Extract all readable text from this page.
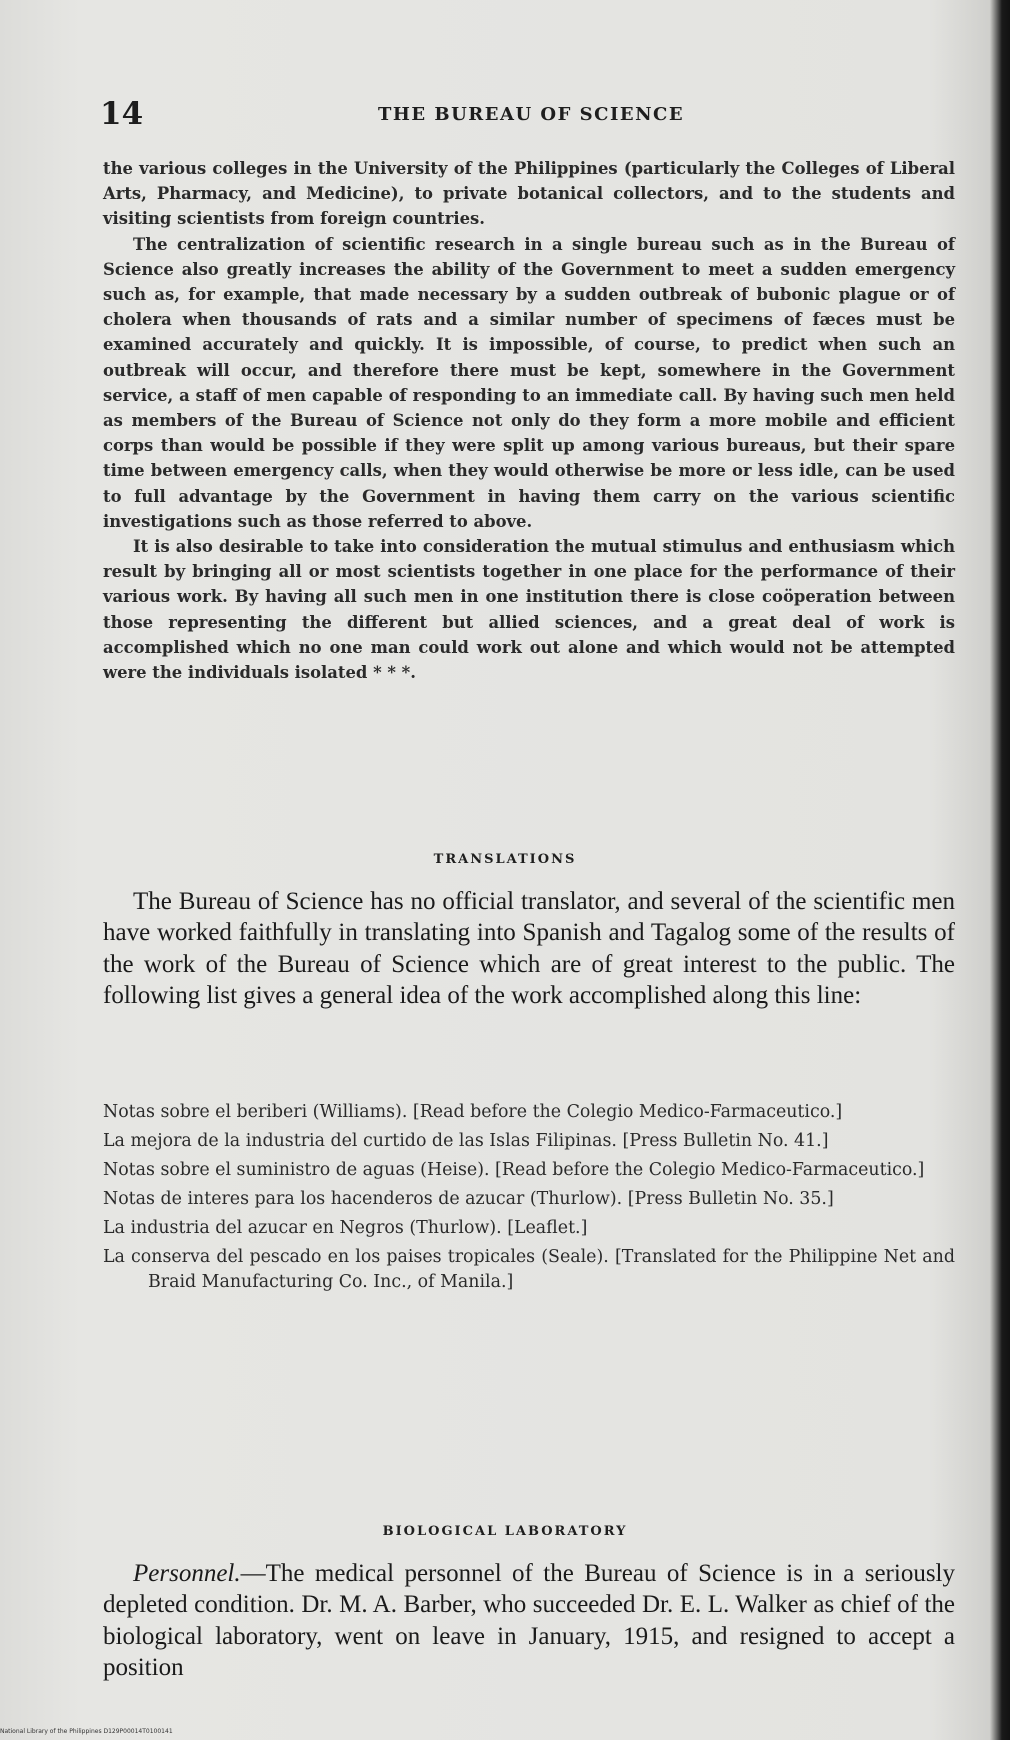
14	THE BUREAU OF SCIENCE

the various colleges in the University of the Philippines (particularly the Colleges of Liberal Arts, Pharmacy, and Medicine), to private botanical collectors, and to the students and visiting scientists from foreign countries.

The centralization of scientific research in a single bureau such as in the Bureau of Science also greatly increases the ability of the Government to meet a sudden emergency such as, for example, that made necessary by a sudden outbreak of bubonic plague or of cholera when thousands of rats and a similar number of specimens of fæces must be examined accurately and quickly. It is impossible, of course, to predict when such an outbreak will occur, and therefore there must be kept, somewhere in the Government service, a staff of men capable of responding to an immediate call. By having such men held as members of the Bureau of Science not only do they form a more mobile and efficient corps than would be possible if they were split up among various bureaus, but their spare time between emergency calls, when they would otherwise be more or less idle, can be used to full advantage by the Government in having them carry on the various scientific investigations such as those referred to above.

It is also desirable to take into consideration the mutual stimulus and enthusiasm which result by bringing all or most scientists together in one place for the performance of their various work. By having all such men in one institution there is close coöperation between those representing the different but allied sciences, and a great deal of work is accomplished which no one man could work out alone and which would not be attempted were the individuals isolated * * *.

TRANSLATIONS

The Bureau of Science has no official translator, and several of the scientific men have worked faithfully in translating into Spanish and Tagalog some of the results of the work of the Bureau of Science which are of great interest to the public. The following list gives a general idea of the work accomplished along this line:

Notas sobre el beriberi (Williams). [Read before the Colegio Medico-Farmaceutico.]
La mejora de la industria del curtido de las Islas Filipinas. [Press Bulletin No. 41.]
Notas sobre el suministro de aguas (Heise). [Read before the Colegio Medico-Farmaceutico.]
Notas de interes para los hacenderos de azucar (Thurlow). [Press Bulletin No. 35.]
La industria del azucar en Negros (Thurlow). [Leaflet.]
La conserva del pescado en los paises tropicales (Seale). [Translated for the Philippine Net and Braid Manufacturing Co. Inc., of Manila.]
BIOLOGICAL LABORATORY

Personnel.—The medical personnel of the Bureau of Science is in a seriously depleted condition. Dr. M. A. Barber, who succeeded Dr. E. L. Walker as chief of the biological laboratory, went on leave in January, 1915, and resigned to accept a position

National Library of the Philippines D129P00014T0100141
